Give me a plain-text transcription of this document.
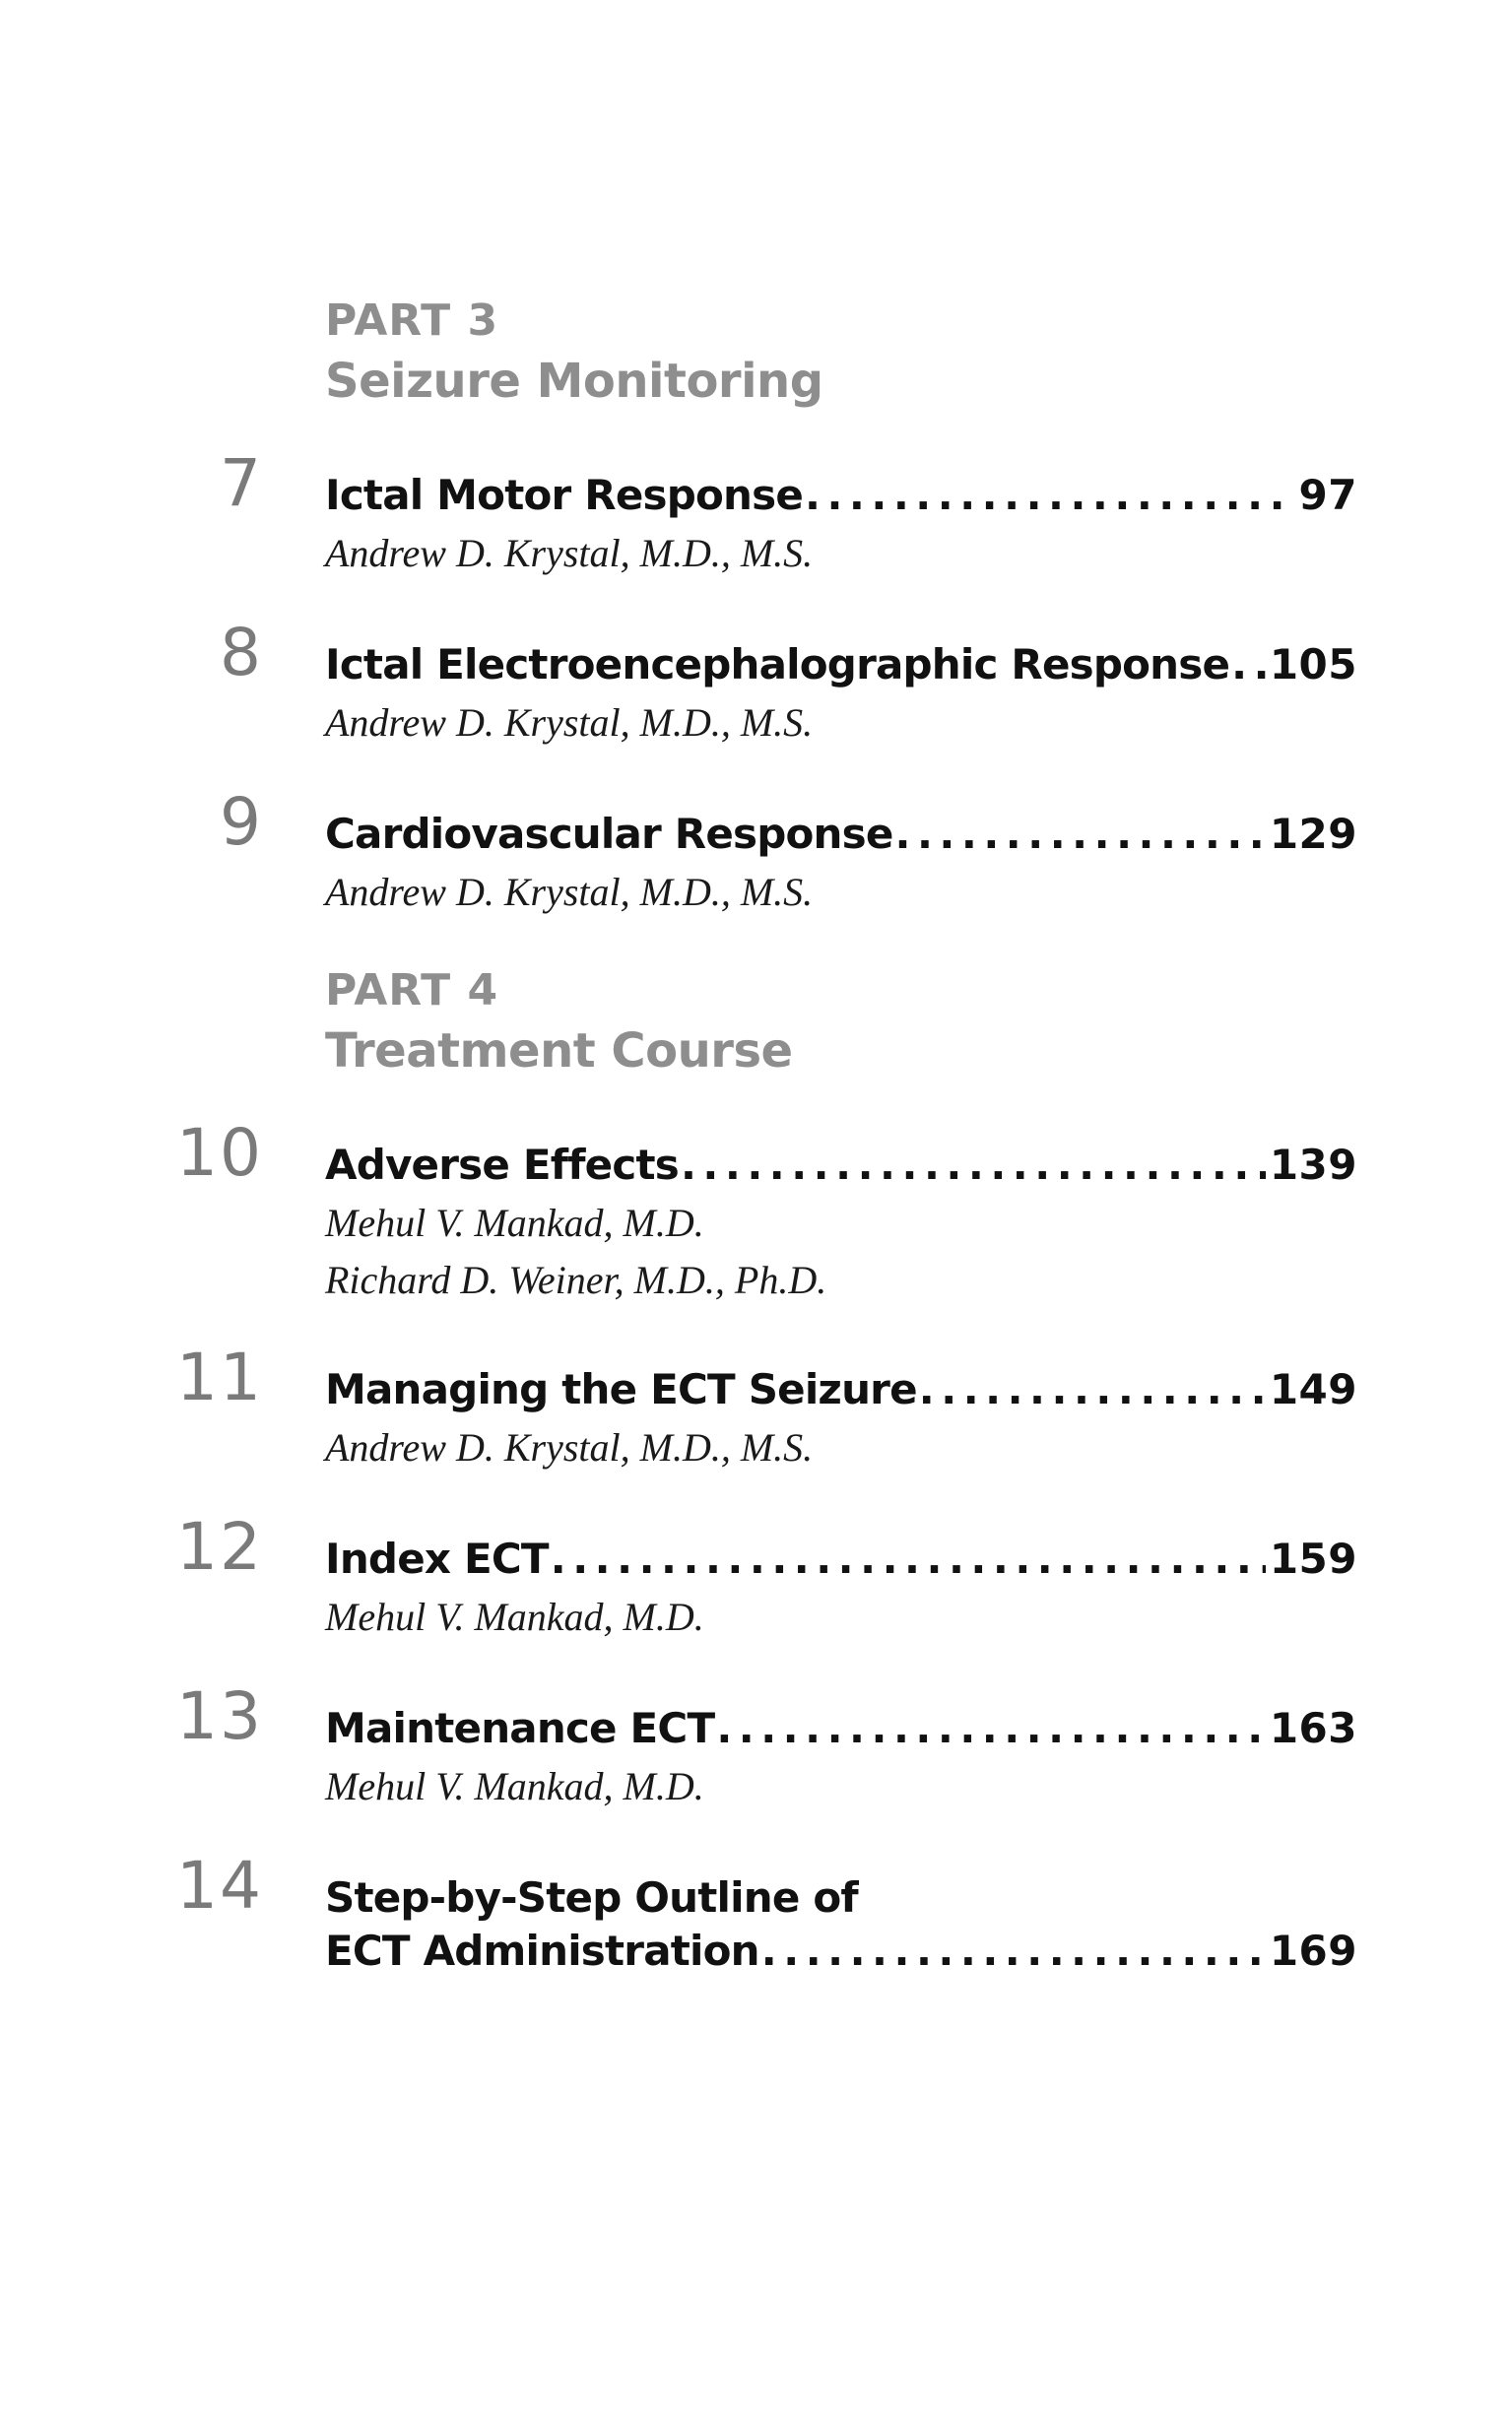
PART 3
Seizure Monitoring
7 Ictal Motor Response .....	97
Andrew D. Krystal, M.D., M.S.
8 Ictal Electroencephalographic Response ..... 105
Andrew D. Krystal, M.D., M.S.
9 Cardiovascular Response .....	129
Andrew D. Krystal, M.D., M.S.
PART 4
Treatment Course
10 Adverse Effects .....	139
Mehul V. Mankad, M.D.
Richard D. Weiner, M.D., Ph.D.
11 Managing the ECT Seizure .....	149
Andrew D. Krystal, M.D., M.S.
12 Index ECT .....	159
Mehul V. Mankad, M.D.
13 Maintenance ECT .....	163
Mehul V. Mankad, M.D.
14 Step-by-Step Outline of
ECT Administration .....	169
